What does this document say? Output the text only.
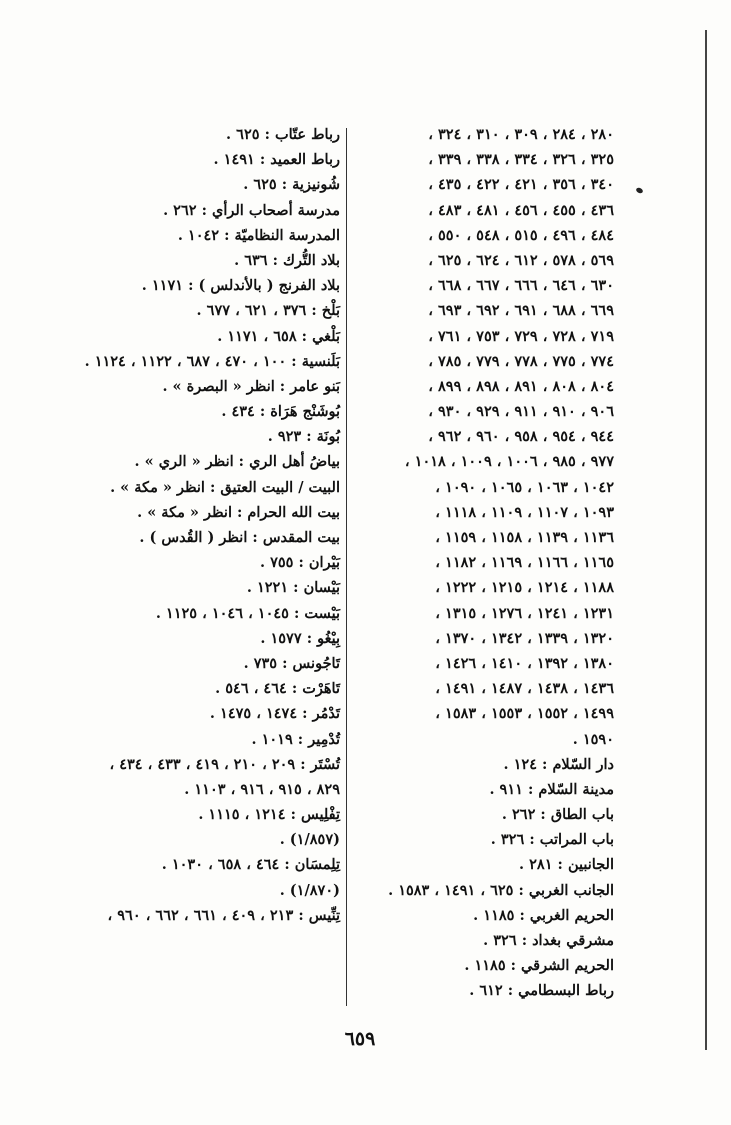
٢٨٠ ، ٢٨٤ ، ٣٠٩ ، ٣١٠ ، ٣٢٤ ،
٣٢٥ ، ٣٢٦ ، ٣٣٤ ، ٣٣٨ ، ٣٣٩ ،
٣٤٠ ، ٣٥٦ ، ٤٢١ ، ٤٢٢ ، ٤٣٥ ،
٤٣٦ ، ٤٥٥ ، ٤٥٦ ، ٤٨١ ، ٤٨٣ ،
٤٨٤ ، ٤٩٦ ، ٥١٥ ، ٥٤٨ ، ٥٥٠ ،
٥٦٩ ، ٥٧٨ ، ٦١٢ ، ٦٢٤ ، ٦٢٥ ،
٦٣٠ ، ٦٤٦ ، ٦٦٦ ، ٦٦٧ ، ٦٦٨ ،
٦٦٩ ، ٦٨٨ ، ٦٩١ ، ٦٩٢ ، ٦٩٣ ،
٧١٩ ، ٧٢٨ ، ٧٢٩ ، ٧٥٣ ، ٧٦١ ،
٧٧٤ ، ٧٧٥ ، ٧٧٨ ، ٧٧٩ ، ٧٨٥ ،
٨٠٤ ، ٨٠٨ ، ٨٩١ ، ٨٩٨ ، ٨٩٩ ،
٩٠٦ ، ٩١٠ ، ٩١١ ، ٩٢٩ ، ٩٣٠ ،
٩٤٤ ، ٩٥٤ ، ٩٥٨ ، ٩٦٠ ، ٩٦٢ ،
٩٧٧ ، ٩٨٥ ، ١٠٠٦ ، ١٠٠٩ ، ١٠١٨ ،
١٠٤٢ ، ١٠٦٣ ، ١٠٦٥ ، ١٠٩٠ ،
١٠٩٣ ، ١١٠٧ ، ١١٠٩ ، ١١١٨ ،
١١٣٦ ، ١١٣٩ ، ١١٥٨ ، ١١٥٩ ،
١١٦٥ ، ١١٦٦ ، ١١٦٩ ، ١١٨٢ ،
١١٨٨ ، ١٢١٤ ، ١٢١٥ ، ١٢٢٢ ،
١٢٣١ ، ١٢٤١ ، ١٢٧٦ ، ١٣١٥ ،
١٣٢٠ ، ١٣٣٩ ، ١٣٤٢ ، ١٣٧٠ ،
١٣٨٠ ، ١٣٩٢ ، ١٤١٠ ، ١٤٢٦ ،
١٤٣٦ ، ١٤٣٨ ، ١٤٨٧ ، ١٤٩١ ،
١٤٩٩ ، ١٥٥٢ ، ١٥٥٣ ، ١٥٨٣ ،
١٥٩٠ .
دار السّلام : ١٢٤ .
مدينة السّلام : ٩١١ .
باب الطاق : ٢٦٢ .
باب المراتب : ٣٢٦ .
الجانبين : ٢٨١ .
الجانب الغربي : ٦٢٥ ، ١٤٩١ ، ١٥٨٣ .
الحريم الغربي : ١١٨٥ .
مشرقي بغداد : ٣٢٦ .
الحريم الشرقي : ١١٨٥ .
رباط البسطامي : ٦١٢ .
رباط عتّاب : ٦٢٥ .
رباط العميد : ١٤٩١ .
شُونيزية : ٦٢٥ .
مدرسة أصحاب الرأي : ٢٦٢ .
المدرسة النظاميّة : ١٠٤٢ .
بلاد التُّرك : ٦٣٦ .
بلاد الفرنج ( بالأندلس ) : ١١٧١ .
بَلْخ : ٣٧٦ ، ٦٢١ ، ٦٧٧ .
بَلْغي : ٦٥٨ ، ١١٧١ .
بَلَنسية : ١٠٠ ، ٤٧٠ ، ٦٨٧ ، ١١٢٢ ، ١١٢٤ .
بَنو عامر : انظر « البصرة » .
بُوشَنْج هَرَاة : ٤٣٤ .
بُونَة : ٩٢٣ .
بياضُ أهل الري : انظر « الري » .
البيت / البيت العتيق : انظر « مكة » .
بيت الله الحرام : انظر « مكة » .
بيت المقدس : انظر ( القُدس ) .
بَيْران : ٧٥٥ .
بَيْسان : ١٢٢١ .
بَيْست : ١٠٤٥ ، ١٠٤٦ ، ١١٢٥ .
بِيْغُو : ١٥٧٧ .
تَاجُونس : ٧٣٥ .
تَاهَرْت : ٤٦٤ ، ٥٤٦ .
تَدْمُر : ١٤٧٤ ، ١٤٧٥ .
تُدْمِير : ١٠١٩ .
تُسْتَر : ٢٠٩ ، ٢١٠ ، ٤١٩ ، ٤٣٣ ، ٤٣٤ ،
٨٢٩ ، ٩١٥ ، ٩١٦ ، ١١٠٣ .
تِفْلِيس : ١٢١٤ ، ١١١٥ .
(١/٨٥٧) .
تِلِمسَان : ٤٦٤ ، ٦٥٨ ، ١٠٣٠ .
(١/٨٧٠) .
تِنِّيس : ٢١٣ ، ٤٠٩ ، ٦٦١ ، ٦٦٢ ، ٩٦٠ ،
٦٥٩
